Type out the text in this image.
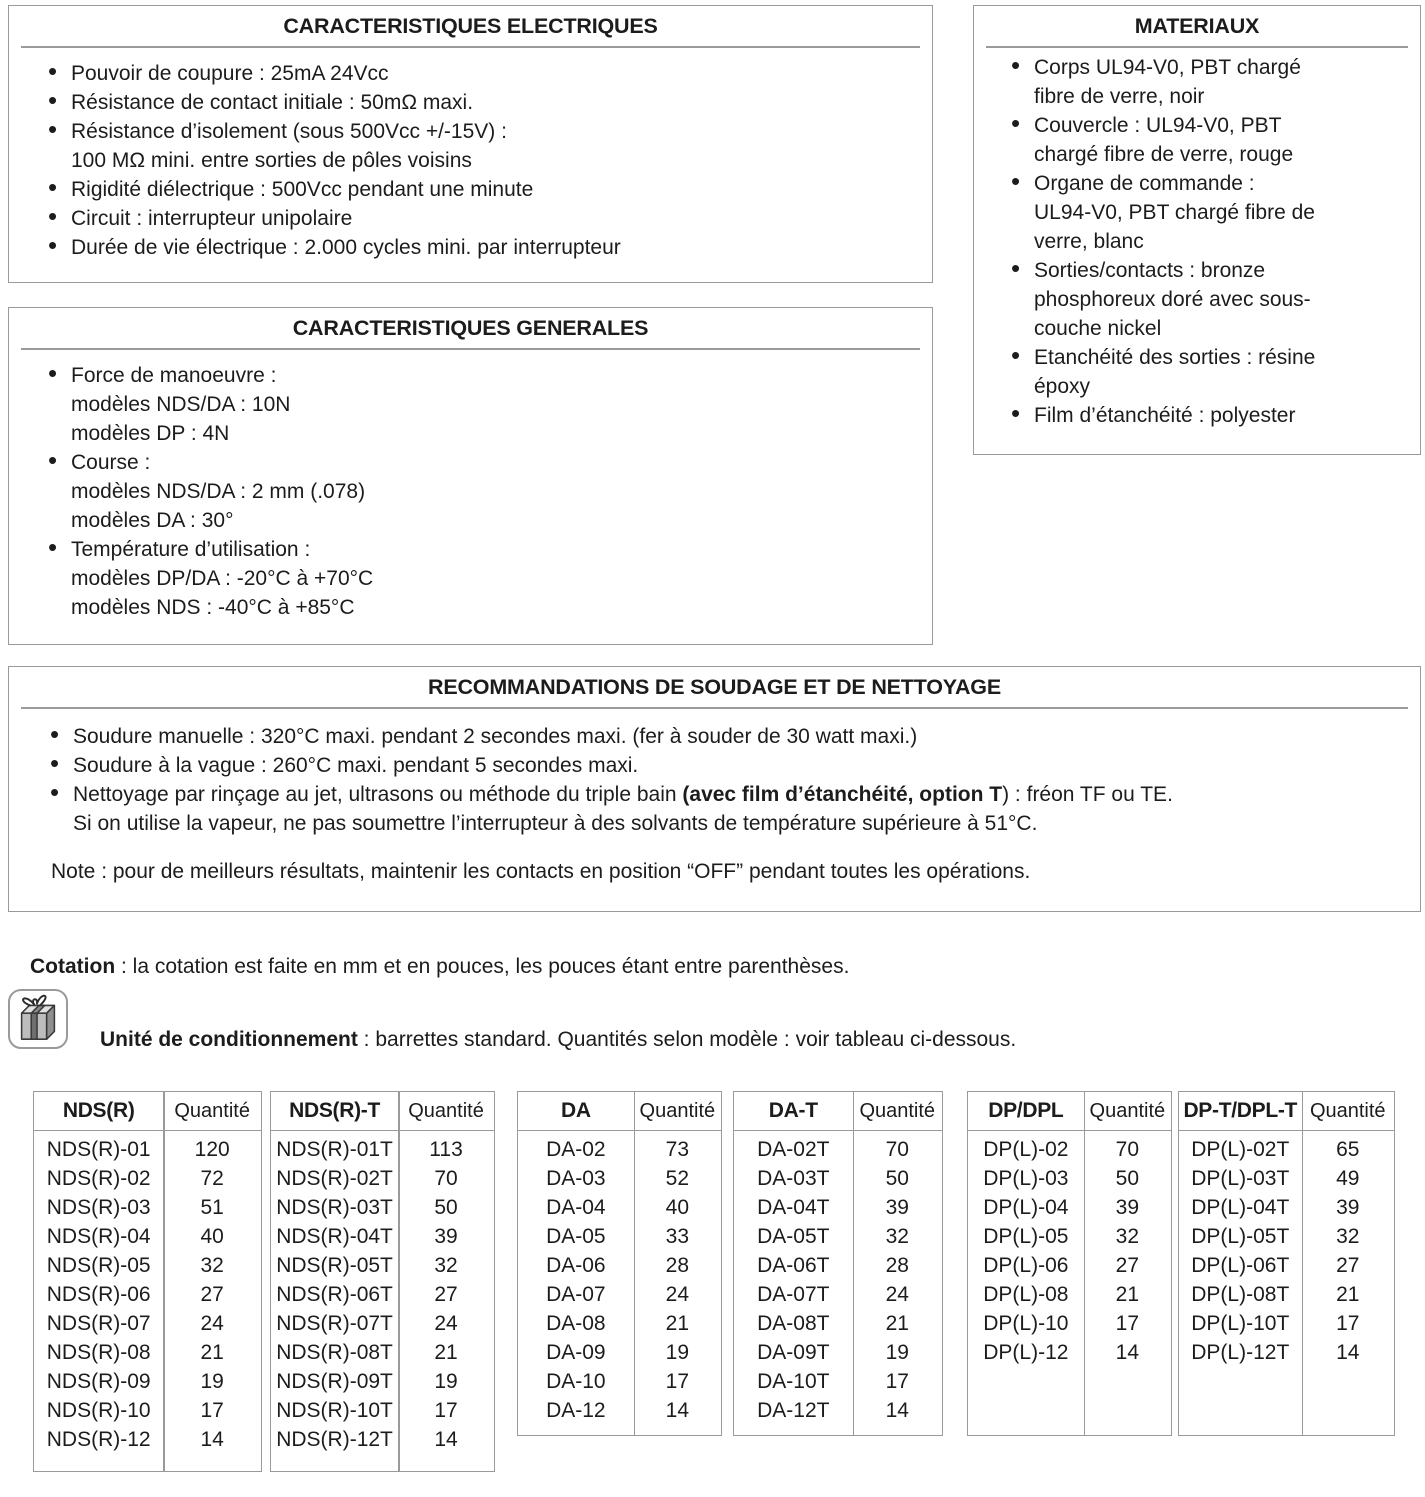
CARACTERISTIQUES ELECTRIQUES
• Pouvoir de coupure : 25mA 24Vcc
• Résistance de contact initiale : 50mΩ maxi.
• Résistance d’isolement (sous 500Vcc +/-15V) :
100 MΩ mini. entre sorties de pôles voisins
• Rigidité diélectrique : 500Vcc pendant une minute
• Circuit : interrupteur unipolaire
• Durée de vie électrique : 2.000 cycles mini. par interrupteur
MATERIAUX
• Corps UL94-V0, PBT chargé
fibre de verre, noir
• Couvercle : UL94-V0, PBT
chargé fibre de verre, rouge
• Organe de commande :
UL94-V0, PBT chargé fibre de
verre, blanc
• Sorties/contacts : bronze
phosphoreux doré avec sous-
couche nickel
• Etanchéité des sorties : résine
époxy
• Film d’étanchéité : polyester
CARACTERISTIQUES GENERALES
• Force de manoeuvre :
modèles NDS/DA : 10N
modèles DP : 4N
• Course :
modèles NDS/DA : 2 mm (.078)
modèles DA : 30°
• Température d’utilisation :
modèles DP/DA : -20°C à +70°C
modèles NDS : -40°C à +85°C
RECOMMANDATIONS DE SOUDAGE ET DE NETTOYAGE
• Soudure manuelle : 320°C maxi. pendant 2 secondes maxi. (fer à souder de 30 watt maxi.)
• Soudure à la vague : 260°C maxi. pendant 5 secondes maxi.
• Nettoyage par rinçage au jet, ultrasons ou méthode du triple bain (avec film d’étanchéité, option T) : fréon TF ou TE.
Si on utilise la vapeur, ne pas soumettre l’interrupteur à des solvants de température supérieure à 51°C.

Note : pour de meilleurs résultats, maintenir les contacts en position “OFF” pendant toutes les opérations.

Cotation : la cotation est faite en mm et en pouces, les pouces étant entre parenthèses.

Unité de conditionnement : barrettes standard. Quantités selon modèle : voir tableau ci-dessous.

NDS(R)	Quantité
NDS(R)-01	120
NDS(R)-02	72
NDS(R)-03	51
NDS(R)-04	40
NDS(R)-05	32
NDS(R)-06	27
NDS(R)-07	24
NDS(R)-08	21
NDS(R)-09	19
NDS(R)-10	17
NDS(R)-12	14
NDS(R)-T	Quantité
NDS(R)-01T	113
NDS(R)-02T	70
NDS(R)-03T	50
NDS(R)-04T	39
NDS(R)-05T	32
NDS(R)-06T	27
NDS(R)-07T	24
NDS(R)-08T	21
NDS(R)-09T	19
NDS(R)-10T	17
NDS(R)-12T	14
DA	Quantité
DA-02	73
DA-03	52
DA-04	40
DA-05	33
DA-06	28
DA-07	24
DA-08	21
DA-09	19
DA-10	17
DA-12	14
DA-T	Quantité
DA-02T	70
DA-03T	50
DA-04T	39
DA-05T	32
DA-06T	28
DA-07T	24
DA-08T	21
DA-09T	19
DA-10T	17
DA-12T	14
DP/DPL	Quantité
DP(L)-02	70
DP(L)-03	50
DP(L)-04	39
DP(L)-05	32
DP(L)-06	27
DP(L)-08	21
DP(L)-10	17
DP(L)-12	14
DP-T/DPL-T Quantité
DP(L)-02T	65
DP(L)-03T	49
DP(L)-04T	39
DP(L)-05T	32
DP(L)-06T	27
DP(L)-08T	21
DP(L)-10T	17
DP(L)-12T	14
